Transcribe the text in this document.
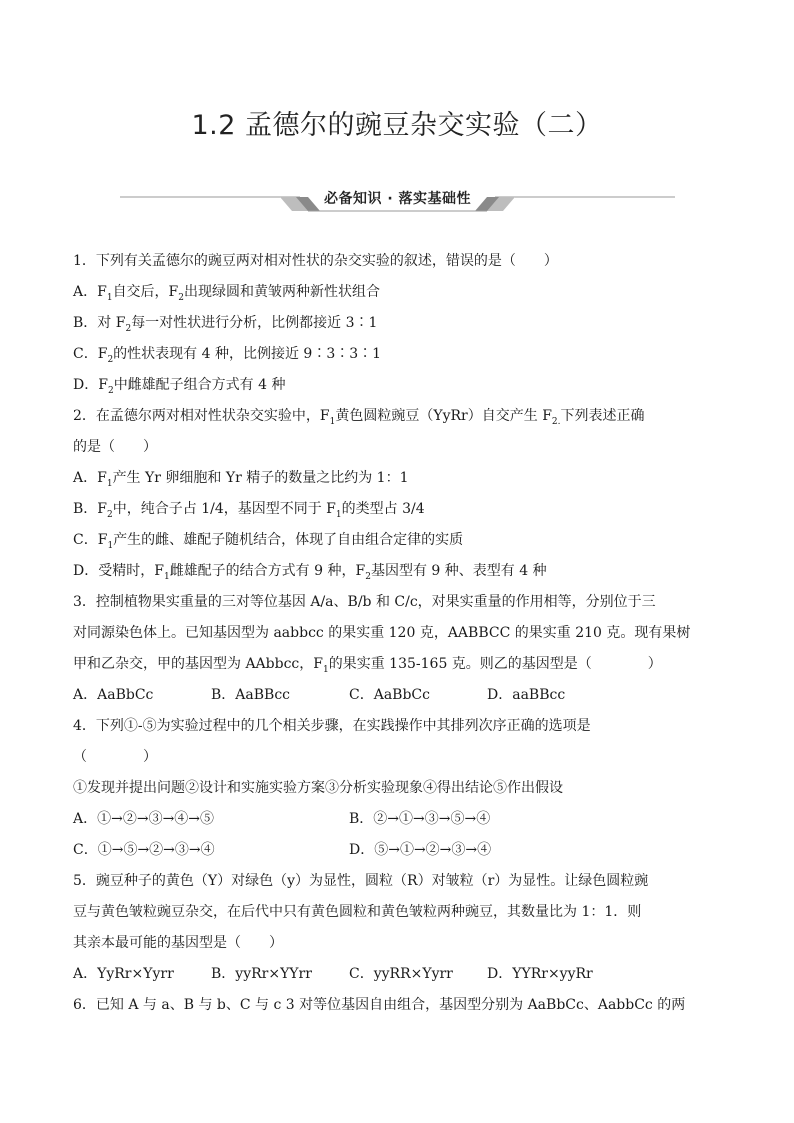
1.2 孟德尔的豌豆杂交实验（二）
必备知识 · 落实基础性
1．下列有关孟德尔的豌豆两对相对性状的杂交实验的叙述，错误的是（　　）
A．$F_1$自交后，$F_2$出现绿圆和黄皱两种新性状组合
B．对 $F_2$每一对性状进行分析，比例都接近 3∶1
C．$F_2$的性状表现有 4 种，比例接近 9∶3∶3∶1
D．$F_2$中雌雄配子组合方式有 4 种
2．在孟德尔两对相对性状杂交实验中，$F_1$黄色圆粒豌豆（YyRr）自交产生 $F_{2.}$下列表述正确
的是（　　）
A．$F_1$产生 Yr 卵细胞和 Yr 精子的数量之比约为 1：1
B．$F_2$中，纯合子占 1/4，基因型不同于 $F_1$的类型占 3/4
C．$F_1$产生的雌、雄配子随机结合，体现了自由组合定律的实质
D．受精时，$F_1$雌雄配子的结合方式有 9 种，$F_2$基因型有 9 种、表型有 4 种
3．控制植物果实重量的三对等位基因 A/a、B/b 和 C/c，对果实重量的作用相等，分别位于三
对同源染色体上。已知基因型为 aabbcc 的果实重 120 克，AABBCC 的果实重 210 克。现有果树
甲和乙杂交，甲的基因型为 AAbbcc，$F_1$的果实重 135-165 克。则乙的基因型是（　　　　）
A．AaBbCc	B．AaBBcc	C．AaBbCc	D．aaBBcc
4．下列①-⑤为实验过程中的几个相关步骤，在实践操作中其排列次序正确的选项是
（　　　　）
①发现并提出问题②设计和实施实验方案③分析实验现象④得出结论⑤作出假设
A．①→②→③→④→⑤	B．②→①→③→⑤→④
C．①→⑤→②→③→④	D．⑤→①→②→③→④
5．豌豆种子的黄色（Y）对绿色（y）为显性，圆粒（R）对皱粒（r）为显性。让绿色圆粒豌
豆与黄色皱粒豌豆杂交，在后代中只有黄色圆粒和黄色皱粒两种豌豆，其数量比为 1：1．则
其亲本最可能的基因型是（　　）
A．YyRr×Yyrr	B．yyRr×YYrr	C．yyRR×Yyrr D．YYRr×yyRr
6．已知 A 与 a、B 与 b、C 与 c 3 对等位基因自由组合，基因型分别为 AaBbCc、AabbCc 的两
